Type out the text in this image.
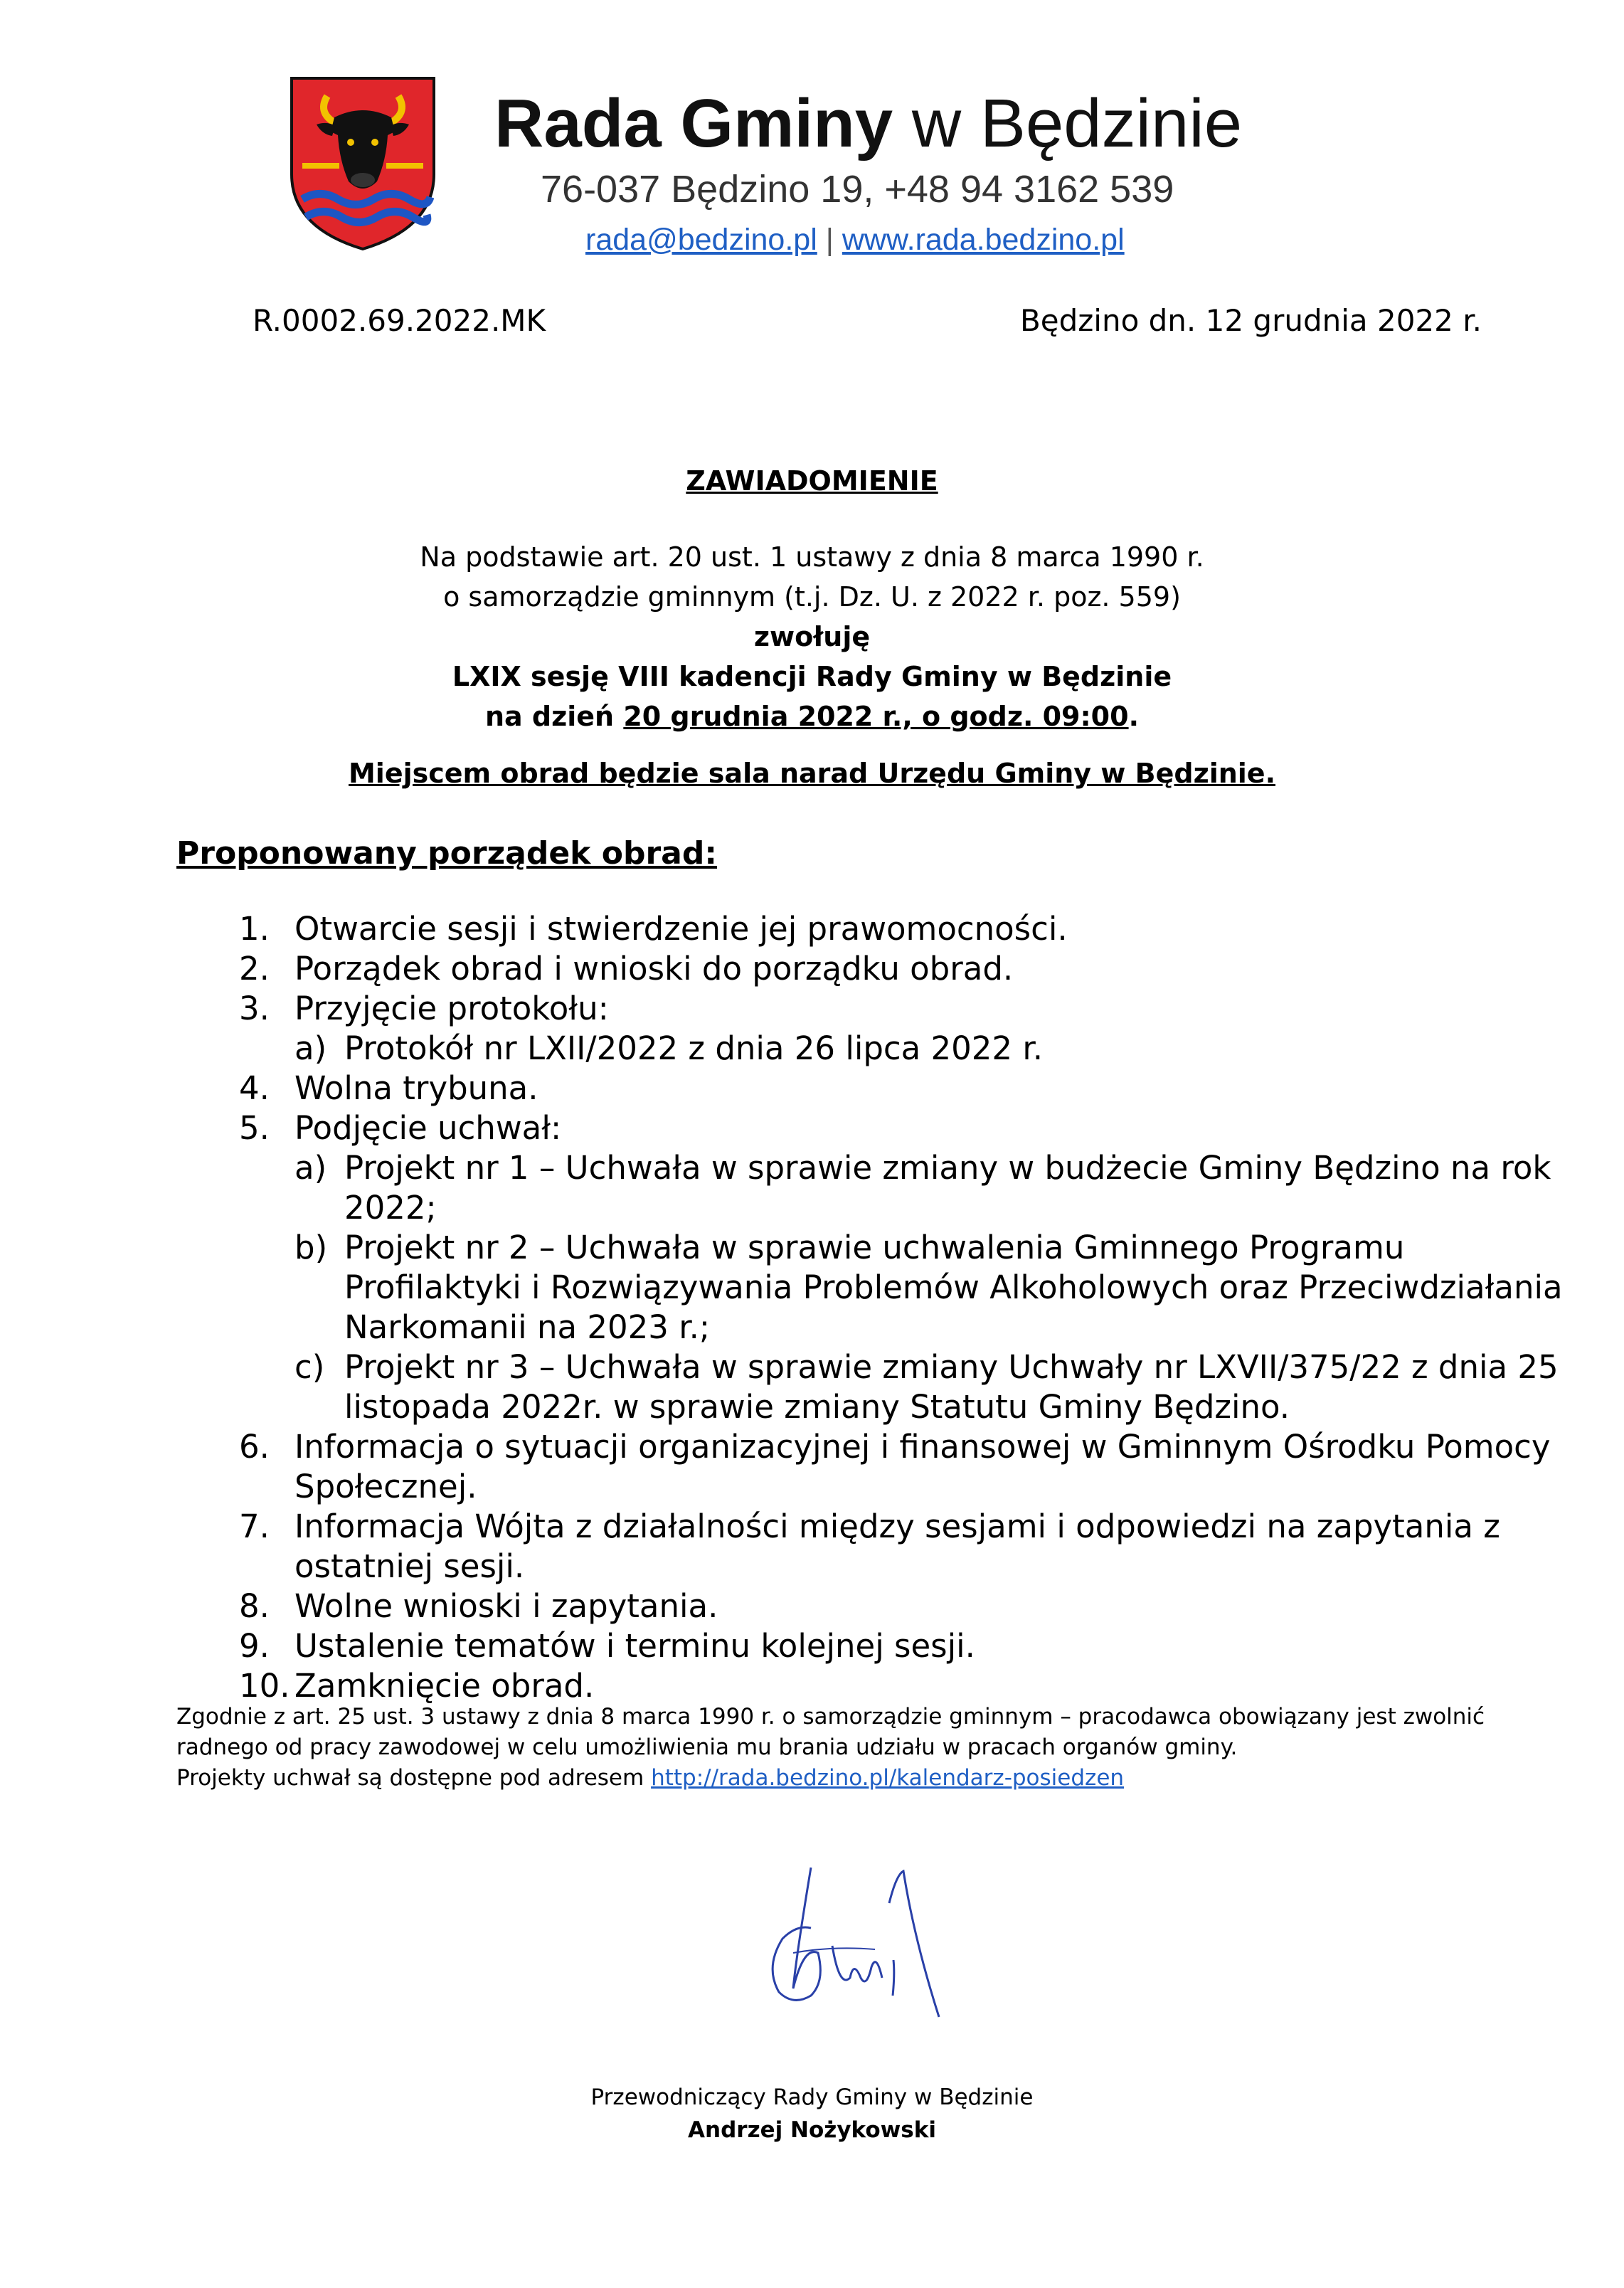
Rada Gminy w Będzinie
76-037 Będzino 19, +48 94 3162 539
rada@bedzino.pl | www.rada.bedzino.pl
R.0002.69.2022.MK	Będzino dn. 12 grudnia 2022 r.
ZAWIADOMIENIE
Na podstawie art. 20 ust. 1 ustawy z dnia 8 marca 1990 r.
o samorządzie gminnym (t.j. Dz. U. z 2022 r. poz. 559)
zwołuję
LXIX sesję VIII kadencji Rady Gminy w Będzinie
na dzień 20 grudnia 2022 r., o godz. 09:00.
Miejscem obrad będzie sala narad Urzędu Gminy w Będzinie.
Proponowany porządek obrad:
1. Otwarcie sesji i stwierdzenie jej prawomocności.
2. Porządek obrad i wnioski do porządku obrad.
3. Przyjęcie protokołu:
a) Protokół nr LXII/2022 z dnia 26 lipca 2022 r.
4. Wolna trybuna.
5. Podjęcie uchwał:
a) Projekt nr 1 – Uchwała w sprawie zmiany w budżecie Gminy Będzino na rok 2022;
b) Projekt nr 2 – Uchwała w sprawie uchwalenia Gminnego Programu Profilaktyki i Rozwiązywania Problemów Alkoholowych oraz Przeciwdziałania Narkomanii na 2023 r.;
c) Projekt nr 3 – Uchwała w sprawie zmiany Uchwały nr LXVII/375/22 z dnia 25 listopada 2022r. w sprawie zmiany Statutu Gminy Będzino.
6. Informacja o sytuacji organizacyjnej i finansowej w Gminnym Ośrodku Pomocy Społecznej.
7. Informacja Wójta z działalności między sesjami i odpowiedzi na zapytania z ostatniej sesji.
8. Wolne wnioski i zapytania.
9. Ustalenie tematów i terminu kolejnej sesji.
10. Zamknięcie obrad.
Zgodnie z art. 25 ust. 3 ustawy z dnia 8 marca 1990 r. o samorządzie gminnym – pracodawca obowiązany jest zwolnić
radnego od pracy zawodowej w celu umożliwienia mu brania udziału w pracach organów gminy.
Projekty uchwał są dostępne pod adresem http://rada.bedzino.pl/kalendarz-posiedzen
Przewodniczący Rady Gminy w Będzinie
Andrzej Nożykowski
